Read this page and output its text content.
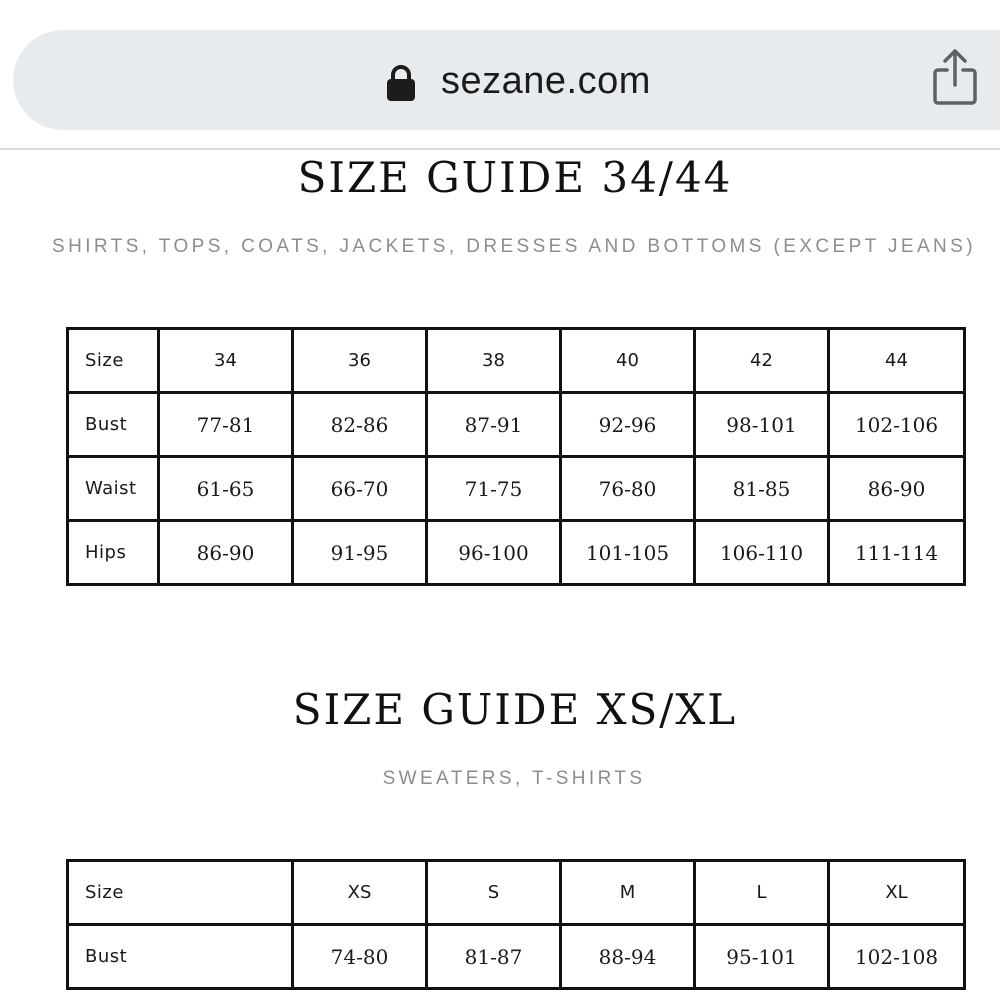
sezane.com
SIZE GUIDE 34/44
SHIRTS, TOPS, COATS, JACKETS, DRESSES AND BOTTOMS (EXCEPT JEANS)
Size	34	36	38	40	42	44
Bust	77-81	82-86	87-91	92-96	98-101	102-106
Waist	61-65	66-70	71-75	76-80	81-85	86-90
Hips	86-90	91-95	96-100	101-105	106-110	111-114
SIZE GUIDE XS/XL
SWEATERS, T-SHIRTS
Size	XS	S	M	L	XL
Bust	74-80	81-87	88-94	95-101	102-108
